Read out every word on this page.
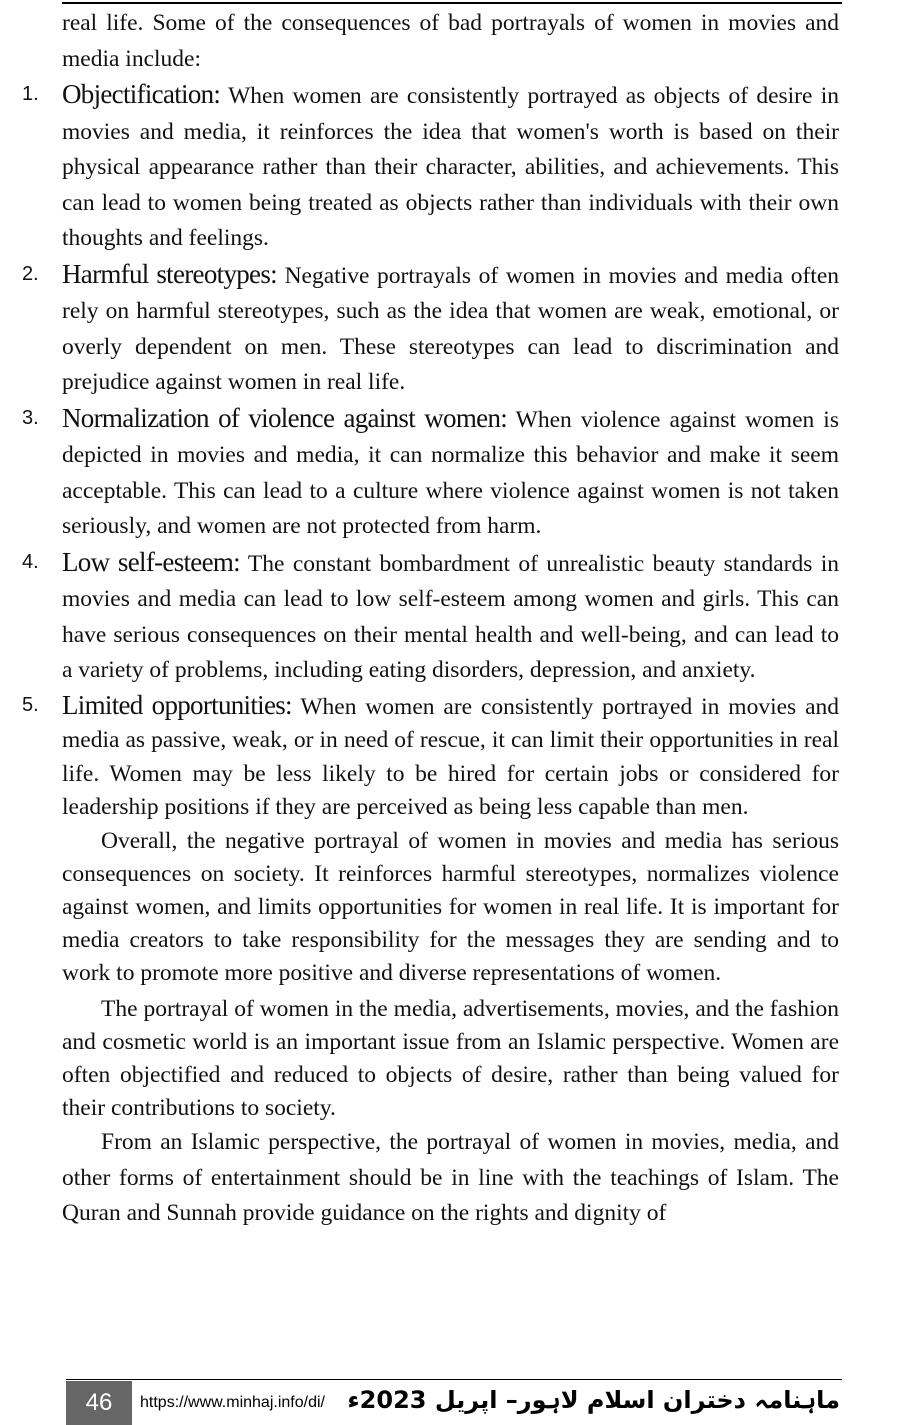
real life. Some of the consequences of bad portrayals of women in movies and media include:

1. Objectification: When women are consistently portrayed as objects of desire in movies and media, it reinforces the idea that women's worth is based on their physical appearance rather than their character, abilities, and achievements. This can lead to women being treated as objects rather than individuals with their own thoughts and feelings.
2. Harmful stereotypes: Negative portrayals of women in movies and media often rely on harmful stereotypes, such as the idea that women are weak, emotional, or overly dependent on men. These stereotypes can lead to discrimination and prejudice against women in real life.
3. Normalization of violence against women: When violence against women is depicted in movies and media, it can normalize this behavior and make it seem acceptable. This can lead to a culture where violence against women is not taken seriously, and women are not protected from harm.
4. Low self-esteem: The constant bombardment of unrealistic beauty standards in movies and media can lead to low self-esteem among women and girls. This can have serious consequences on their mental health and well-being, and can lead to a variety of problems, including eating disorders, depression, and anxiety.
5. Limited opportunities: When women are consistently portrayed in movies and media as passive, weak, or in need of rescue, it can limit their opportunities in real life. Women may be less likely to be hired for certain jobs or considered for leadership positions if they are perceived as being less capable than men.

Overall, the negative portrayal of women in movies and media has serious consequences on society. It reinforces harmful stereotypes, normalizes violence against women, and limits opportunities for women in real life. It is important for media creators to take responsibility for the messages they are sending and to work to promote more positive and diverse representations of women.

The portrayal of women in the media, advertisements, movies, and the fashion and cosmetic world is an important issue from an Islamic perspective. Women are often objectified and reduced to objects of desire, rather than being valued for their contributions to society.

From an Islamic perspective, the portrayal of women in movies, media, and other forms of entertainment should be in line with the teachings of Islam. The Quran and Sunnah provide guidance on the rights and dignity of

46	https://www.minhaj.info/di/ ماہنامہ دختران اسلام لاہور– اپریل 2023ء
